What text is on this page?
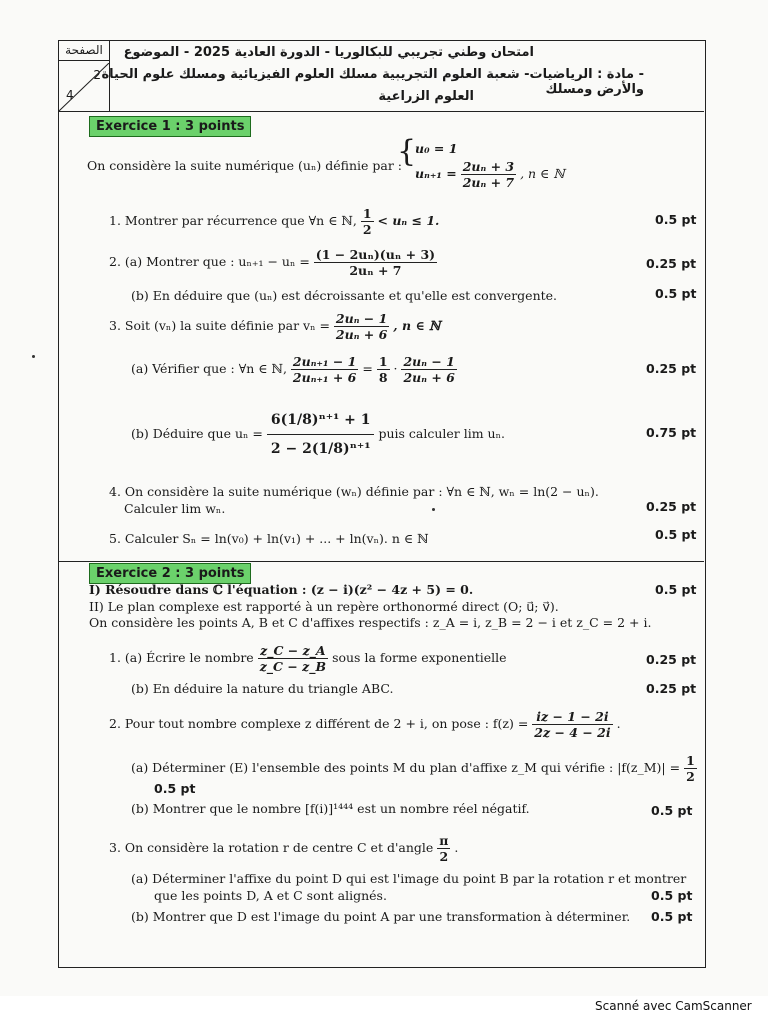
الصفحة
2
4
امتحان وطني تجريبي للبكالوريا - الدورة العادية 2025 - الموضوع
- مادة : الرياضيات- شعبة العلوم التجريبية مسلك العلوم الفيزيائية ومسلك علوم الحياة والأرض ومسلك
العلوم الزراعية
Exercice 1 : 3 points
On considère la suite numérique (uₙ) définie par :
{
u₀ = 1
$u_{n+1} = \frac{\text{2uₙ + 3}}{\text{2uₙ + 7}}$ , n ∈ ℕ
1. Montrer par récurrence que ∀n ∈ ℕ, $\frac{1}{2} < u_n \le 1$.	0.5 pt
2. (a) Montrer que : $u_{n+1} - u_n = \frac{\text{(1 − 2uₙ)(uₙ + 3)}}{\text{2uₙ + 7}}$	0.25 pt
(b) En déduire que (uₙ) est décroissante et qu'elle est convergente.	0.5 pt
3. Soit (vₙ) la suite définie par $v_n = \frac{\text{2uₙ − 1}}{\text{2uₙ + 6}}$ , n ∈ ℕ
(a) Vérifier que : ∀n ∈ ℕ, $\frac{\text{2uₙ₊₁ − 1}}{\text{2uₙ₊₁ + 6}} = \frac{1}{8} \cdot \frac{\text{2uₙ − 1}}{\text{2uₙ + 6}}$	0.25 pt
(b) Déduire que $u_n = \frac{\text{6(1/8)ⁿ⁺¹ + 1}}{\text{2 − 2(1/8)ⁿ⁺¹}}$ puis calculer lim uₙ.	0.75 pt
4. On considère la suite numérique (wₙ) définie par : ∀n ∈ ℕ, wₙ = ln(2 − uₙ).
Calculer lim wₙ.	0.25 pt
5. Calculer Sₙ = ln(v₀) + ln(v₁) + ... + ln(vₙ). n ∈ ℕ	0.5 pt
Exercice 2 : 3 points
I) Résoudre dans ℂ l'équation : (z − i)(z² − 4z + 5) = 0.	0.5 pt
II) Le plan complexe est rapporté à un repère orthonormé direct (O; u⃗; v⃗).
On considère les points A, B et C d'affixes respectifs : z_A = i, z_B = 2 − i et z_C = 2 + i.
1. (a) Écrire le nombre $\frac{z\_C - z\_A}{z\_C - z\_B}$ sous la forme exponentielle	0.25 pt
(b) En déduire la nature du triangle ABC.	0.25 pt
2. Pour tout nombre complexe z différent de 2 + i, on pose : $f(z) = \frac{iz - 1 - 2i}{2z - 4 - 2i}$ .
(a) Déterminer (E) l'ensemble des points M du plan d'affixe z_M qui vérifie : |f(z_M)| = $\frac{1}{2}$
0.5 pt
(b) Montrer que le nombre [f(i)]¹⁴⁴⁴ est un nombre réel négatif.	0.5 pt
3. On considère la rotation r de centre C et d'angle $\frac{\pi}{2}$ .
(a) Déterminer l'affixe du point D qui est l'image du point B par la rotation r et montrer
que les points D, A et C sont alignés.	0.5 pt
(b) Montrer que D est l'image du point A par une transformation à déterminer. 0.5 pt
Scanné avec CamScanner
